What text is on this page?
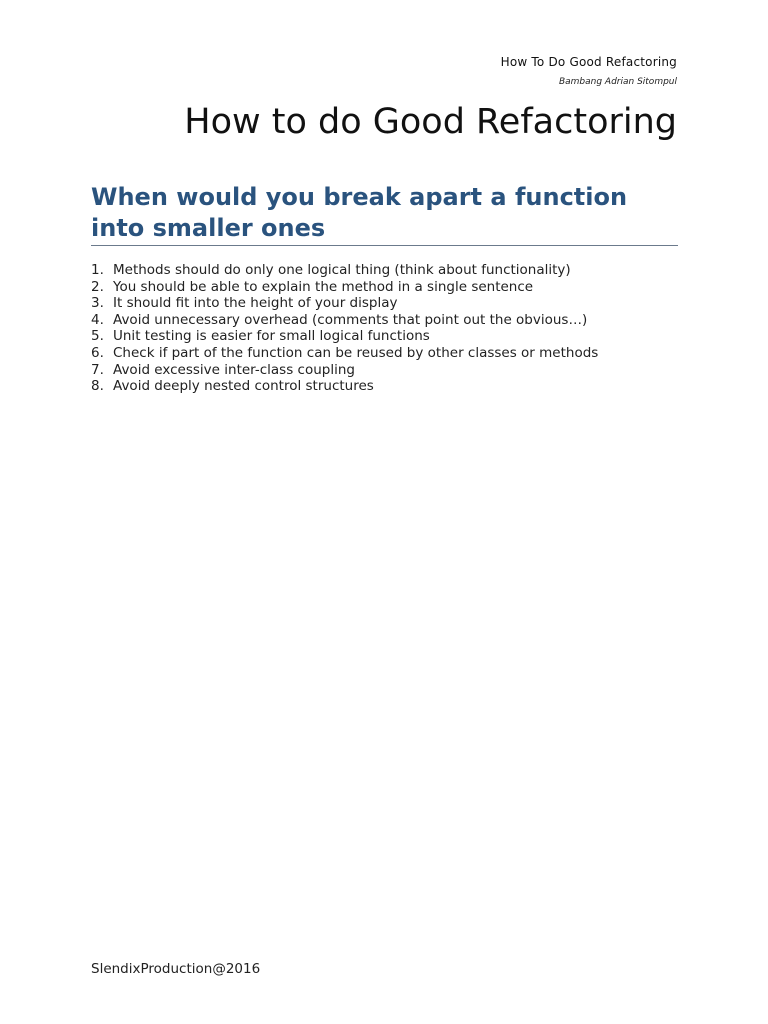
How To Do Good Refactoring
Bambang Adrian Sitompul
How to do Good Refactoring
When would you break apart a function into smaller ones
1. Methods should do only one logical thing (think about functionality)
2. You should be able to explain the method in a single sentence
3. It should fit into the height of your display
4. Avoid unnecessary overhead (comments that point out the obvious…)
5. Unit testing is easier for small logical functions
6. Check if part of the function can be reused by other classes or methods
7. Avoid excessive inter-class coupling
8. Avoid deeply nested control structures
SlendixProduction@2016
